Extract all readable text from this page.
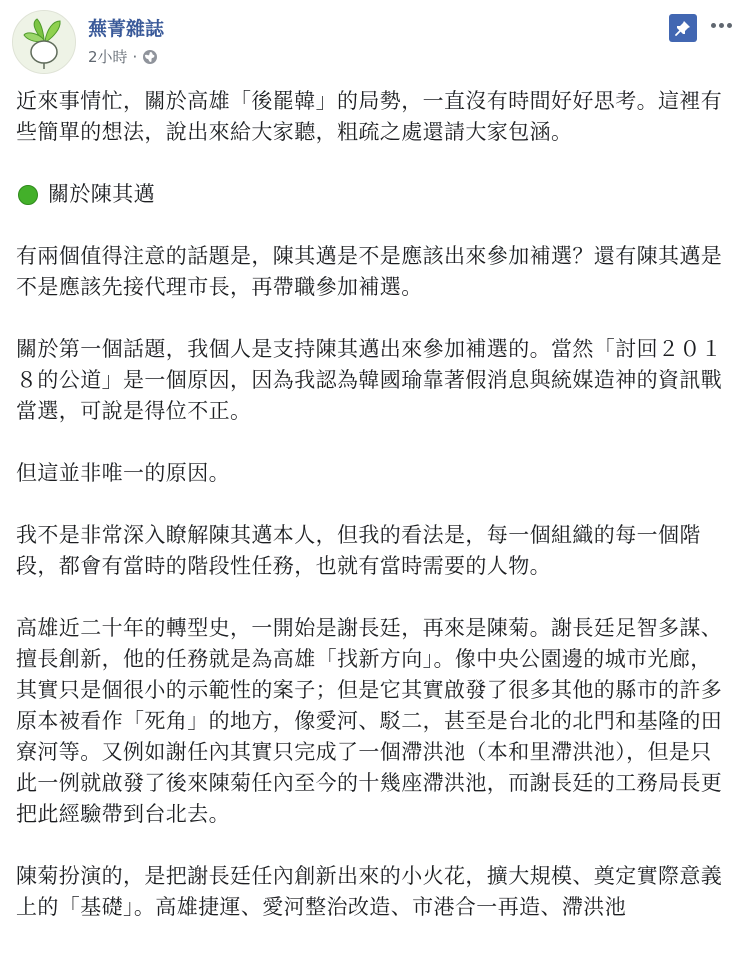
蕪菁雜誌
2小時 ·

近來事情忙，關於高雄「後罷韓」的局勢，一直沒有時間好好思考。這裡有些簡單的想法，說出來給大家聽，粗疏之處還請大家包涵。

關於陳其邁

有兩個值得注意的話題是，陳其邁是不是應該出來參加補選？還有陳其邁是不是應該先接代理市長，再帶職參加補選。

關於第一個話題，我個人是支持陳其邁出來參加補選的。當然「討回２０１８的公道」是一個原因，因為我認為韓國瑜靠著假消息與統媒造神的資訊戰當選，可說是得位不正。

但這並非唯一的原因。

我不是非常深入瞭解陳其邁本人，但我的看法是，每一個組織的每一個階段，都會有當時的階段性任務，也就有當時需要的人物。

高雄近二十年的轉型史，一開始是謝長廷，再來是陳菊。謝長廷足智多謀、擅長創新，他的任務就是為高雄「找新方向」。像中央公園邊的城市光廊，其實只是個很小的示範性的案子；但是它其實啟發了很多其他的縣市的許多原本被看作「死角」的地方，像愛河、駁二，甚至是台北的北門和基隆的田寮河等。又例如謝任內其實只完成了一個滯洪池（本和里滯洪池），但是只此一例就啟發了後來陳菊任內至今的十幾座滯洪池，而謝長廷的工務局長更把此經驗帶到台北去。

陳菊扮演的，是把謝長廷任內創新出來的小火花，擴大規模、奠定實際意義上的「基礎」。高雄捷運、愛河整治改造、市港合一再造、滯洪池
